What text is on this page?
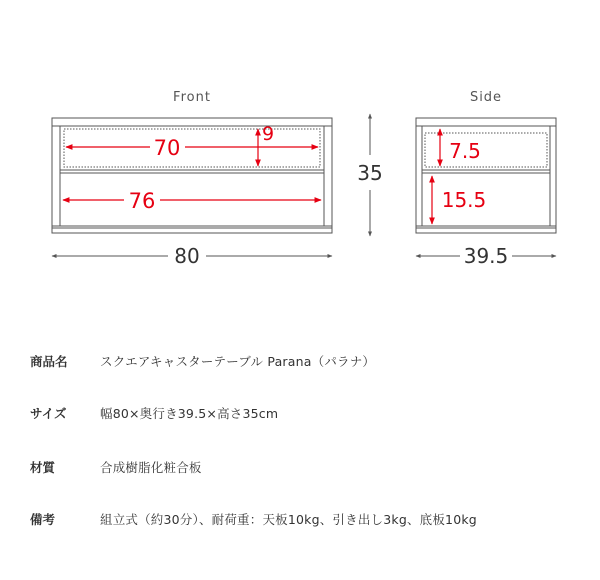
Front	Side
70
9
76
35
80
7.5
15.5
39.5
商品名	スクエアキャスターテーブル Parana（パラナ）
サイズ	幅80×奥行き39.5×高さ35cm
材質	合成樹脂化粧合板
備考	組立式（約30分）、耐荷重：天板10kg、引き出し3kg、底板10kg
